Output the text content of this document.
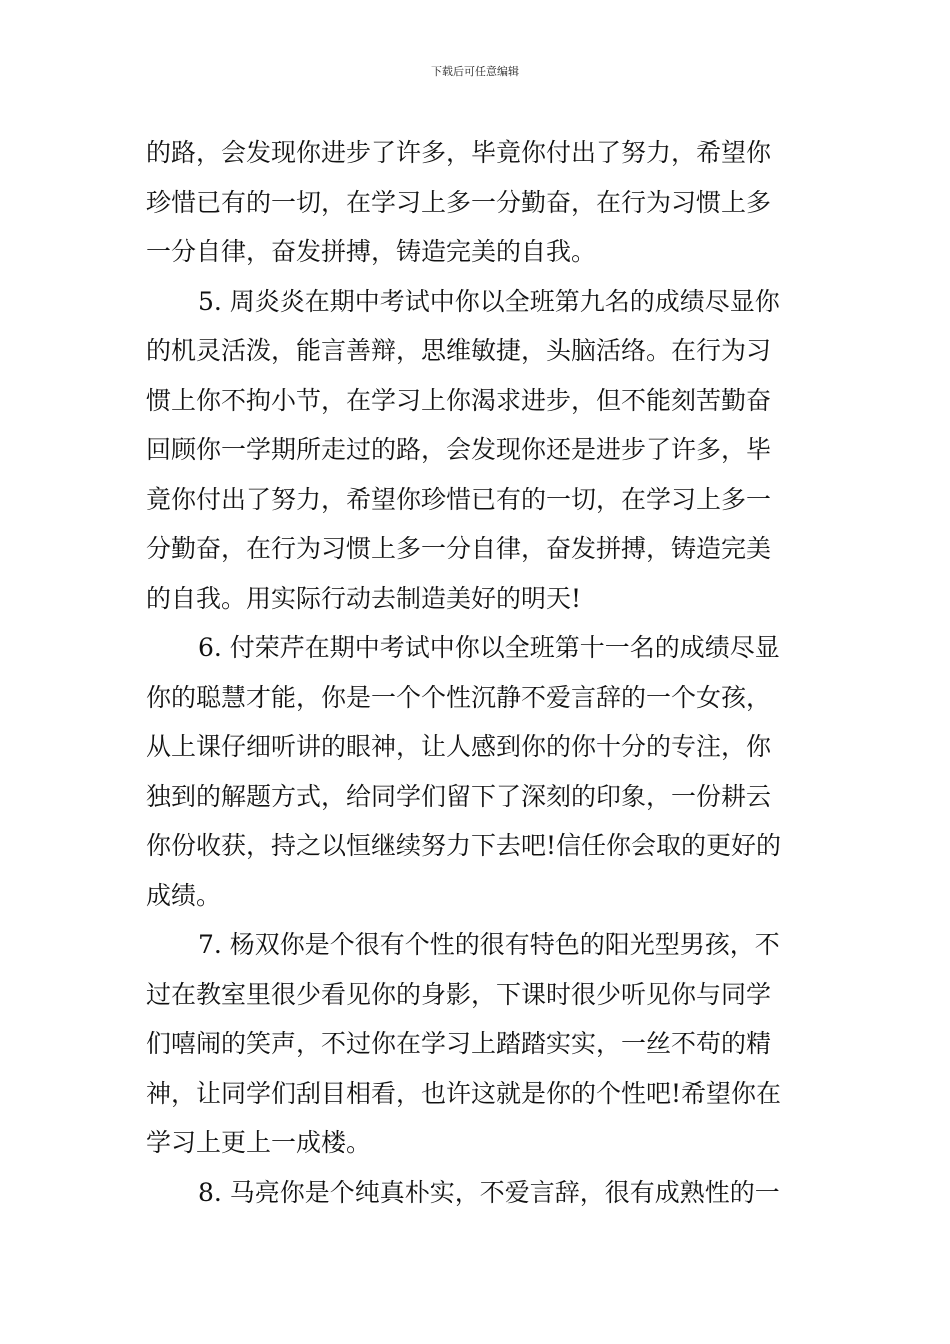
下载后可任意编辑
的路，会发现你进步了许多，毕竟你付出了努力，希望你
珍惜已有的一切，在学习上多一分勤奋，在行为习惯上多
一分自律，奋发拼搏，铸造完美的自我。
5. 周炎炎在期中考试中你以全班第九名的成绩尽显你
的机灵活泼，能言善辩，思维敏捷，头脑活络。在行为习
惯上你不拘小节，在学习上你渴求进步，但不能刻苦勤奋
回顾你一学期所走过的路，会发现你还是进步了许多，毕
竟你付出了努力，希望你珍惜已有的一切，在学习上多一
分勤奋，在行为习惯上多一分自律，奋发拼搏，铸造完美
的自我。用实际行动去制造美好的明天!
6. 付荣芹在期中考试中你以全班第十一名的成绩尽显
你的聪慧才能，你是一个个性沉静不爱言辞的一个女孩，
从上课仔细听讲的眼神，让人感到你的你十分的专注，你
独到的解题方式，给同学们留下了深刻的印象，一份耕云
你份收获，持之以恒继续努力下去吧!信任你会取的更好的
成绩。
7. 杨双你是个很有个性的很有特色的阳光型男孩，不
过在教室里很少看见你的身影，下课时很少听见你与同学
们嘻闹的笑声，不过你在学习上踏踏实实，一丝不苟的精
神，让同学们刮目相看，也许这就是你的个性吧!希望你在
学习上更上一成楼。
8. 马亮你是个纯真朴实，不爱言辞，很有成熟性的一
